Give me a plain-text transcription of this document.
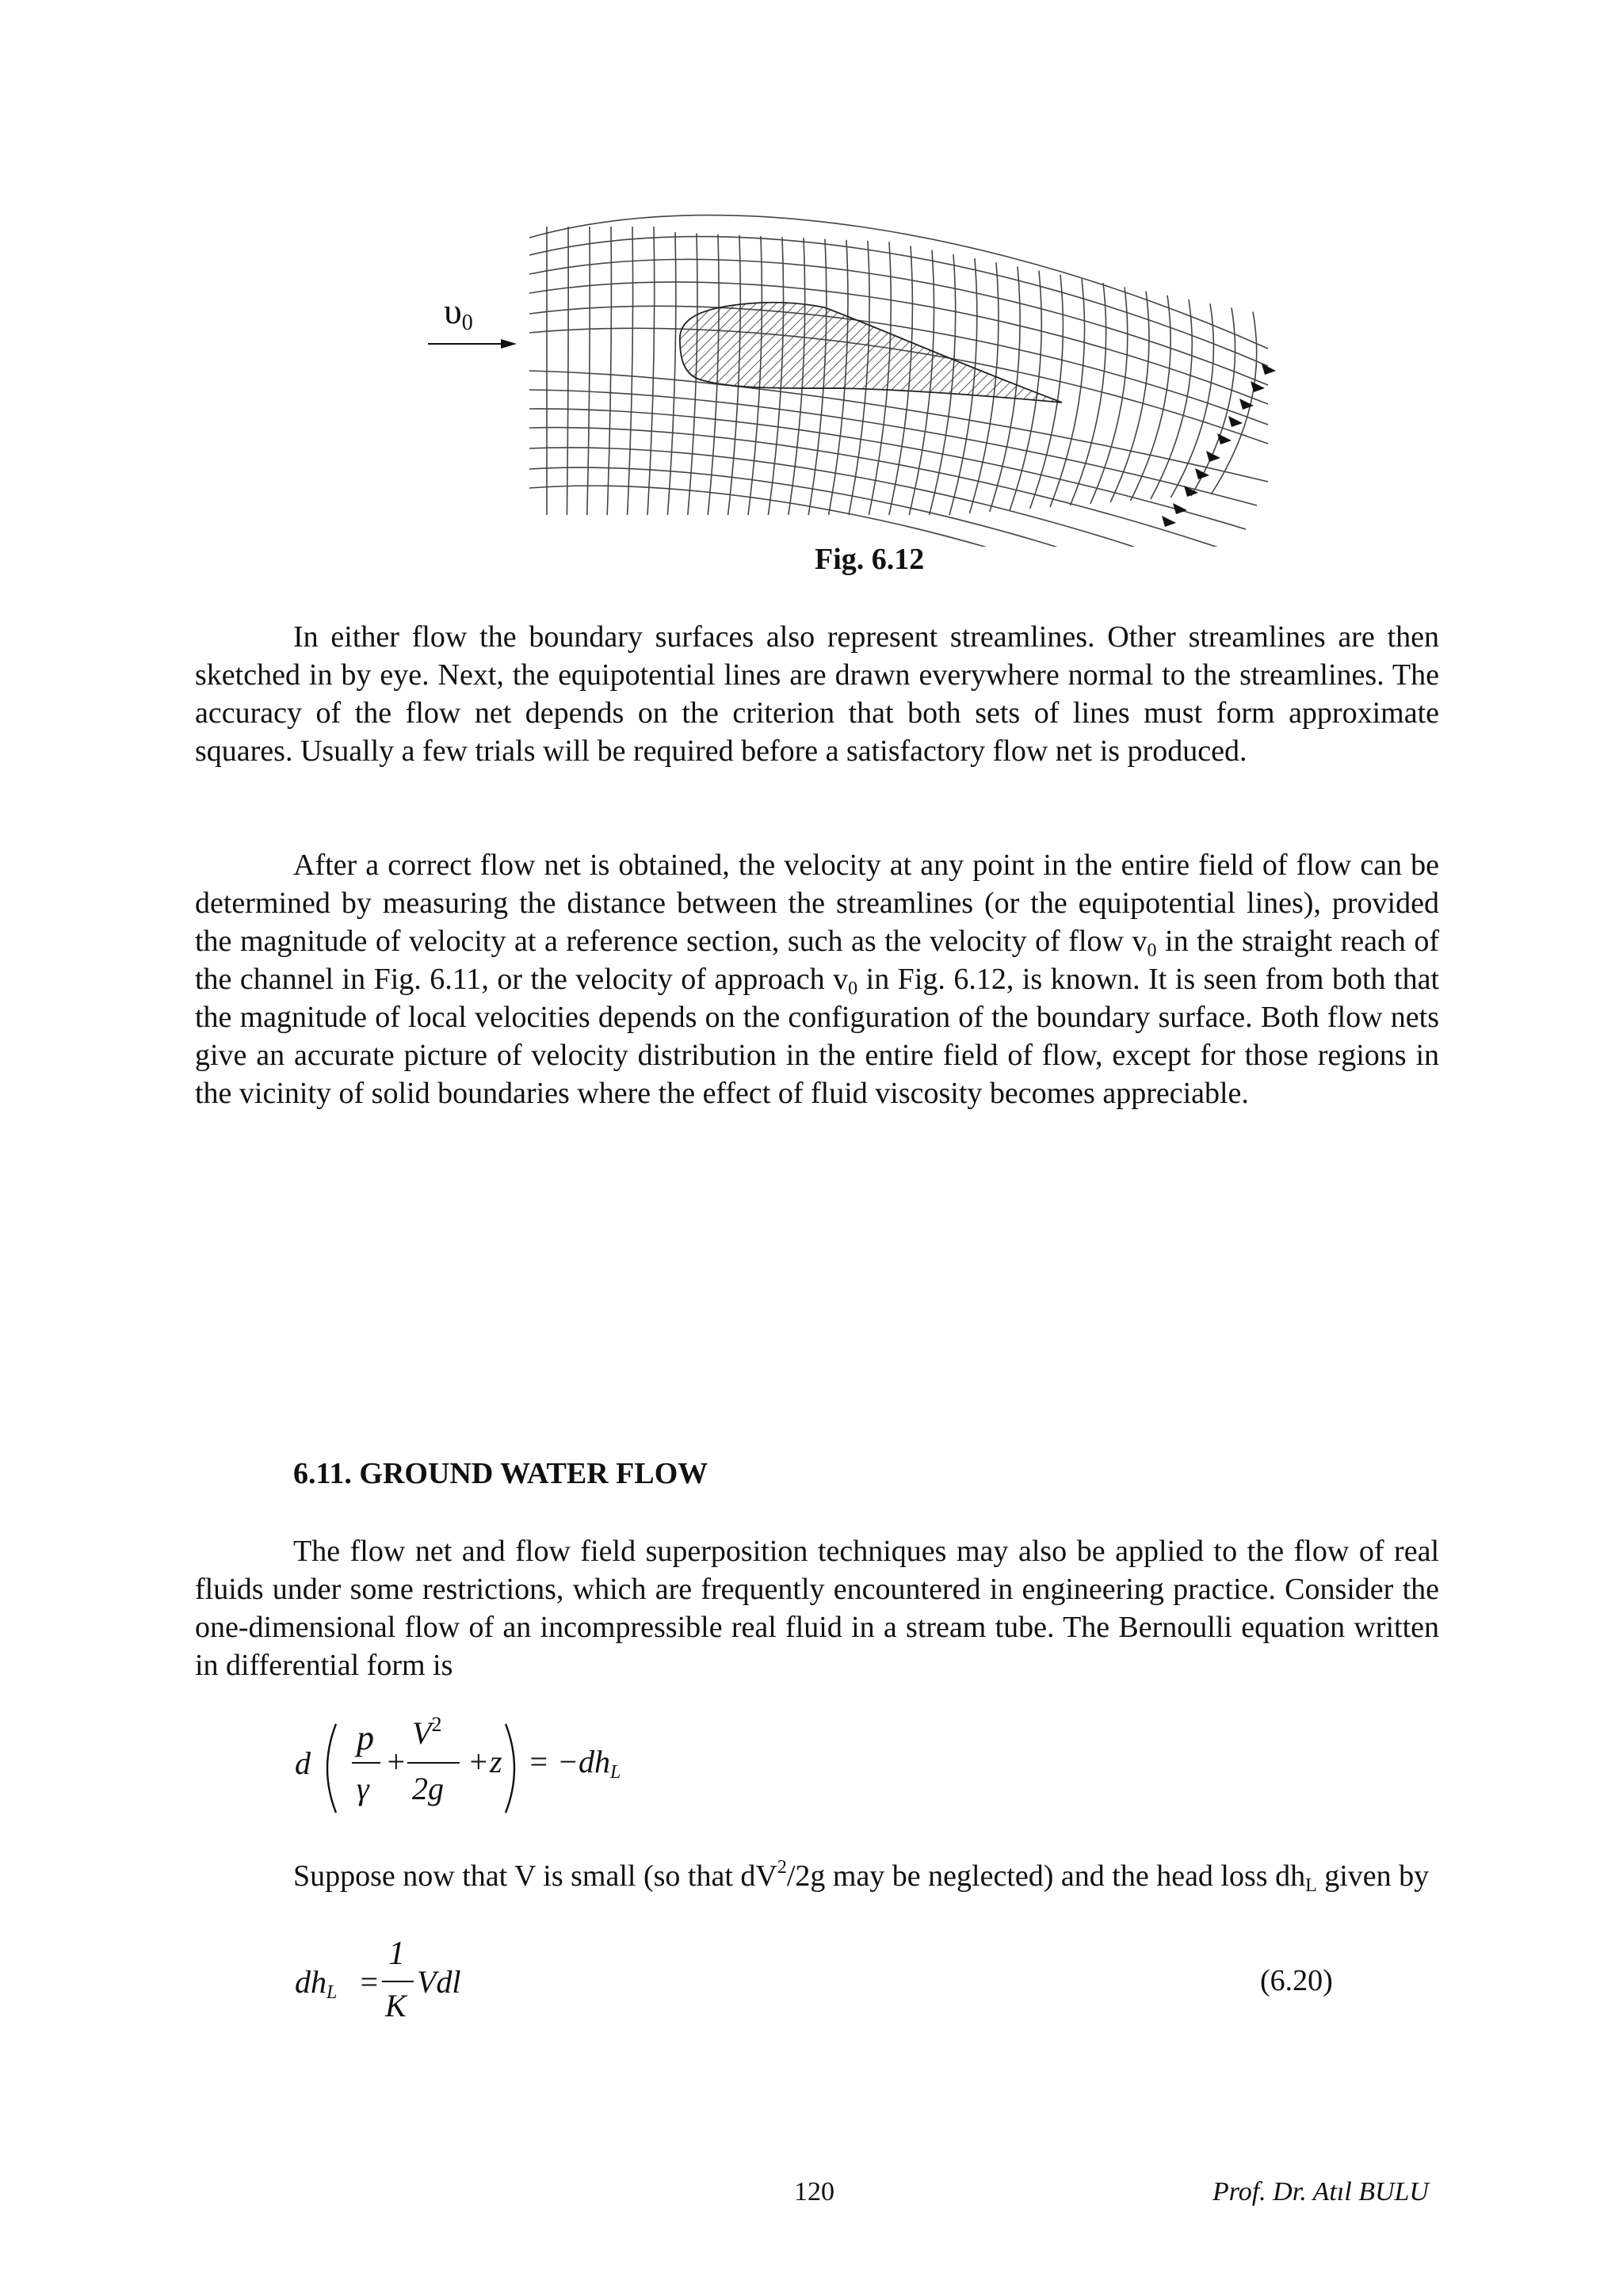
$\upsilon_0$
Fig. 6.12

In either flow the boundary surfaces also represent streamlines. Other streamlines are then sketched in by eye. Next, the equipotential lines are drawn everywhere normal to the streamlines. The accuracy of the flow net depends on the criterion that both sets of lines must form approximate squares. Usually a few trials will be required before a satisfactory flow net is produced.

After a correct flow net is obtained, the velocity at any point in the entire field of flow can be determined by measuring the distance between the streamlines (or the equipotential lines), provided the magnitude of velocity at a reference section, such as the velocity of flow $v_0$ in the straight reach of the channel in Fig. 6.11, or the velocity of approach $v_0$ in Fig. 6.12, is known. It is seen from both that the magnitude of local velocities depends on the configuration of the boundary surface. Both flow nets give an accurate picture of velocity distribution in the entire field of flow, except for those regions in the vicinity of solid boundaries where the effect of fluid viscosity becomes appreciable.

6.11. GROUND WATER FLOW

The flow net and flow field superposition techniques may also be applied to the flow of real fluids under some restrictions, which are frequently encountered in engineering practice. Consider the one-dimensional flow of an incompressible real fluid in a stream tube. The Bernoulli equation written in differential form is

d
p
γ
+
$V^2$
2g
+ $z = -dh_L$

Suppose now that V is small (so that $dV^2/2g$ may be neglected) and the head loss $dh_L$ given by

$dh_L$ =
1
K
Vdl	(6.20)
120	Prof. Dr. Atıl BULU
